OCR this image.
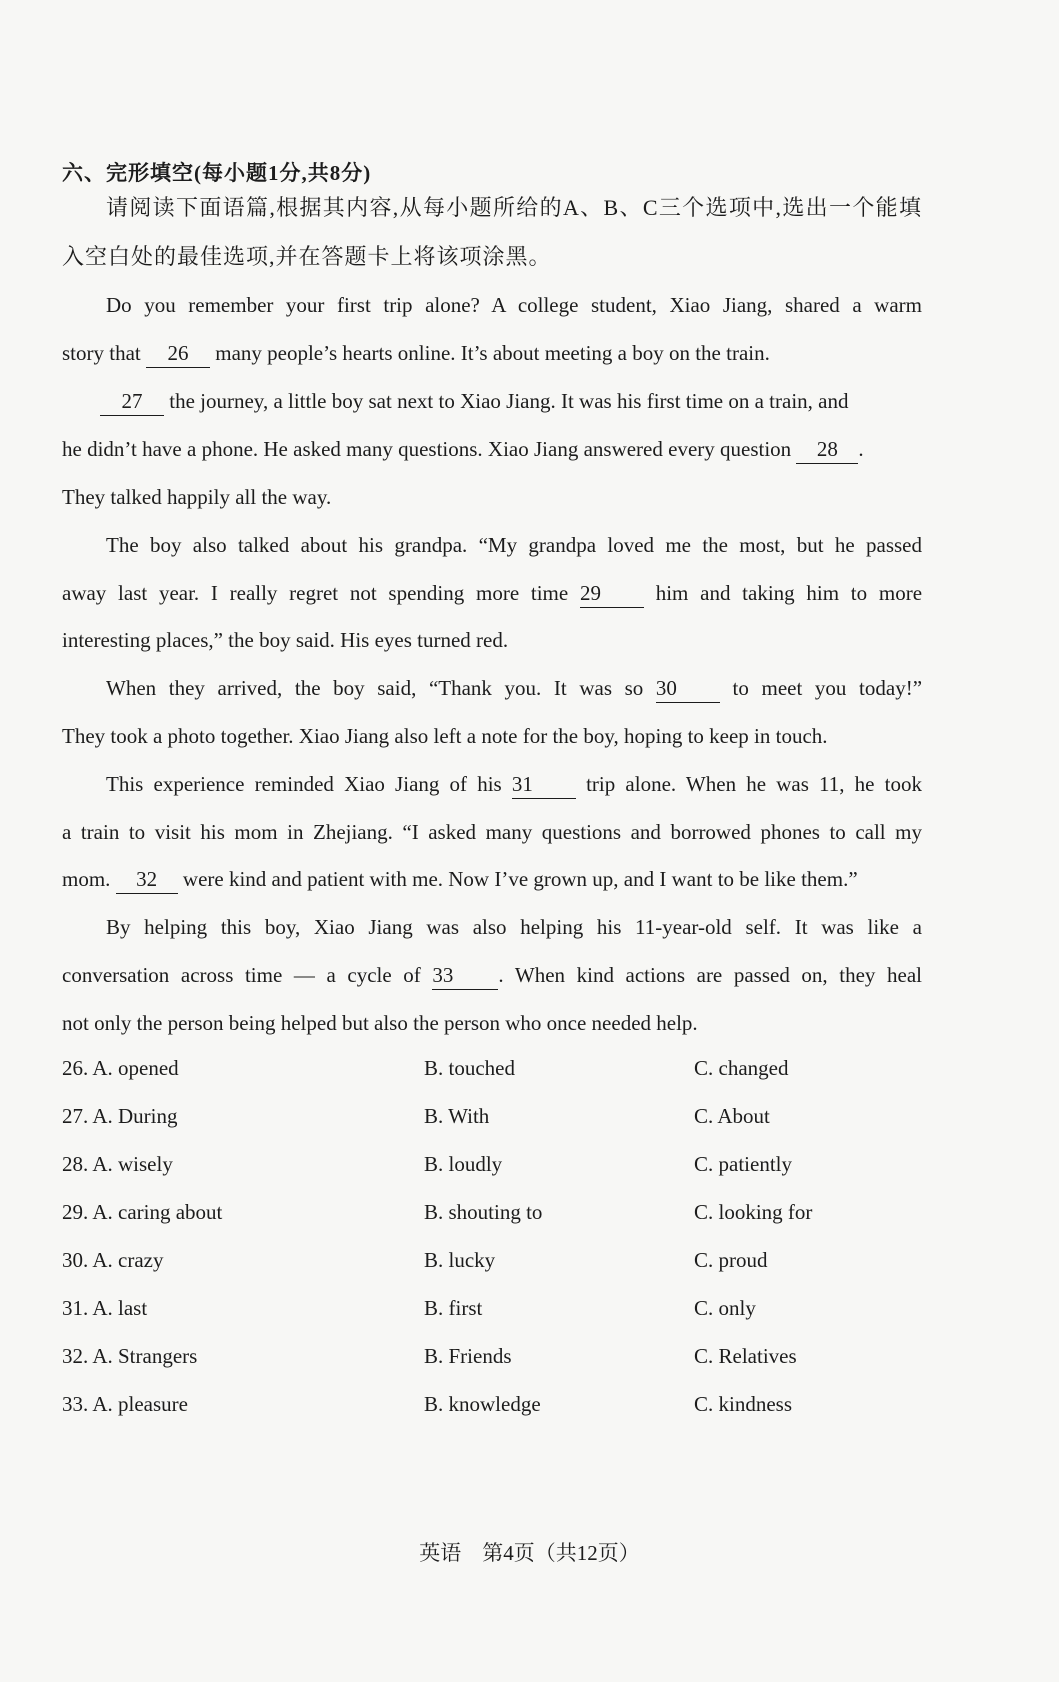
六、完形填空(每小题1分,共8分)
请阅读下面语篇,根据其内容,从每小题所给的A、B、C三个选项中,选出一个能填
入空白处的最佳选项,并在答题卡上将该项涂黑。
Do you remember your first trip alone? A college student, Xiao Jiang, shared a warm
story that 26 many people’s hearts online. It’s about meeting a boy on the train.
27 the journey, a little boy sat next to Xiao Jiang. It was his first time on a train, and
he didn’t have a phone. He asked many questions. Xiao Jiang answered every question 28 .
They talked happily all the way.
The boy also talked about his grandpa. “My grandpa loved me the most, but he passed
away last year. I really regret not spending more time 29	him and taking him to more
interesting places,” the boy said. His eyes turned red.
When they arrived, the boy said, “Thank you. It was so 30	to meet you today!”
They took a photo together. Xiao Jiang also left a note for the boy, hoping to keep in touch.
This experience reminded Xiao Jiang of his 31	trip alone. When he was 11, he took
a train to visit his mom in Zhejiang. “I asked many questions and borrowed phones to call my
mom. 32 were kind and patient with me. Now I’ve grown up, and I want to be like them.”
By helping this boy, Xiao Jiang was also helping his 11-year-old self. It was like a
conversation across time — a cycle of 33 . When kind actions are passed on, they heal
not only the person being helped but also the person who once needed help.
26. A. opened	B. touched	C. changed
27. A. During	B. With	C. About
28. A. wisely	B. loudly	C. patiently
29. A. caring about	B. shouting to	C. looking for
30. A. crazy	B. lucky	C. proud
31. A. last	B. first	C. only
32. A. Strangers	B. Friends	C. Relatives
33. A. pleasure	B. knowledge	C. kindness
英语　第4页（共12页）
